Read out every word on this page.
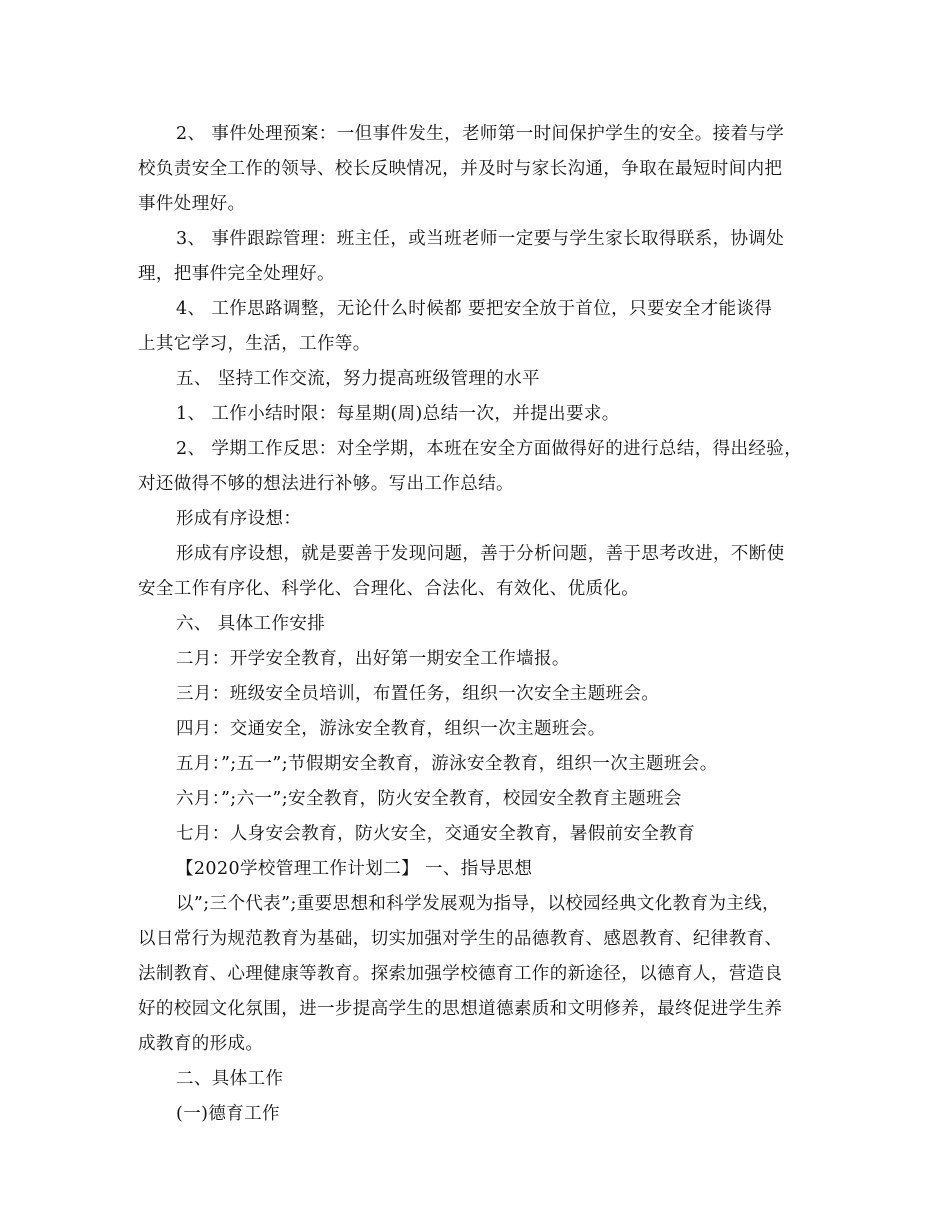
2、 事件处理预案：一但事件发生，老师第一时间保护学生的安全。接着与学
校负责安全工作的领导、校长反映情况，并及时与家长沟通，争取在最短时间内把
事件处理好。
3、 事件跟踪管理：班主任，或当班老师一定要与学生家长取得联系，协调处
理，把事件完全处理好。
4、 工作思路调整，无论什么时候都 要把安全放于首位，只要安全才能谈得
上其它学习，生活，工作等。
五、 坚持工作交流，努力提高班级管理的水平
1、 工作小结时限：每星期(周)总结一次，并提出要求。
2、 学期工作反思：对全学期，本班在安全方面做得好的进行总结，得出经验，
对还做得不够的想法进行补够。写出工作总结。
形成有序设想：
形成有序设想，就是要善于发现问题，善于分析问题，善于思考改进，不断使
安全工作有序化、科学化、合理化、合法化、有效化、优质化。
六、 具体工作安排
二月：开学安全教育，出好第一期安全工作墙报。
三月：班级安全员培训，布置任务，组织一次安全主题班会。
四月：交通安全，游泳安全教育，组织一次主题班会。
五月：”;五一”;节假期安全教育，游泳安全教育，组织一次主题班会。
六月：”;六一”;安全教育，防火安全教育，校园安全教育主题班会
七月：人身安会教育，防火安全，交通安全教育，暑假前安全教育
【2020学校管理工作计划二】 一、指导思想
以”;三个代表”;重要思想和科学发展观为指导，以校园经典文化教育为主线，
以日常行为规范教育为基础，切实加强对学生的品德教育、感恩教育、纪律教育、
法制教育、心理健康等教育。探索加强学校德育工作的新途径，以德育人，营造良
好的校园文化氛围，进一步提高学生的思想道德素质和文明修养，最终促进学生养
成教育的形成。
二、具体工作
(一)德育工作
